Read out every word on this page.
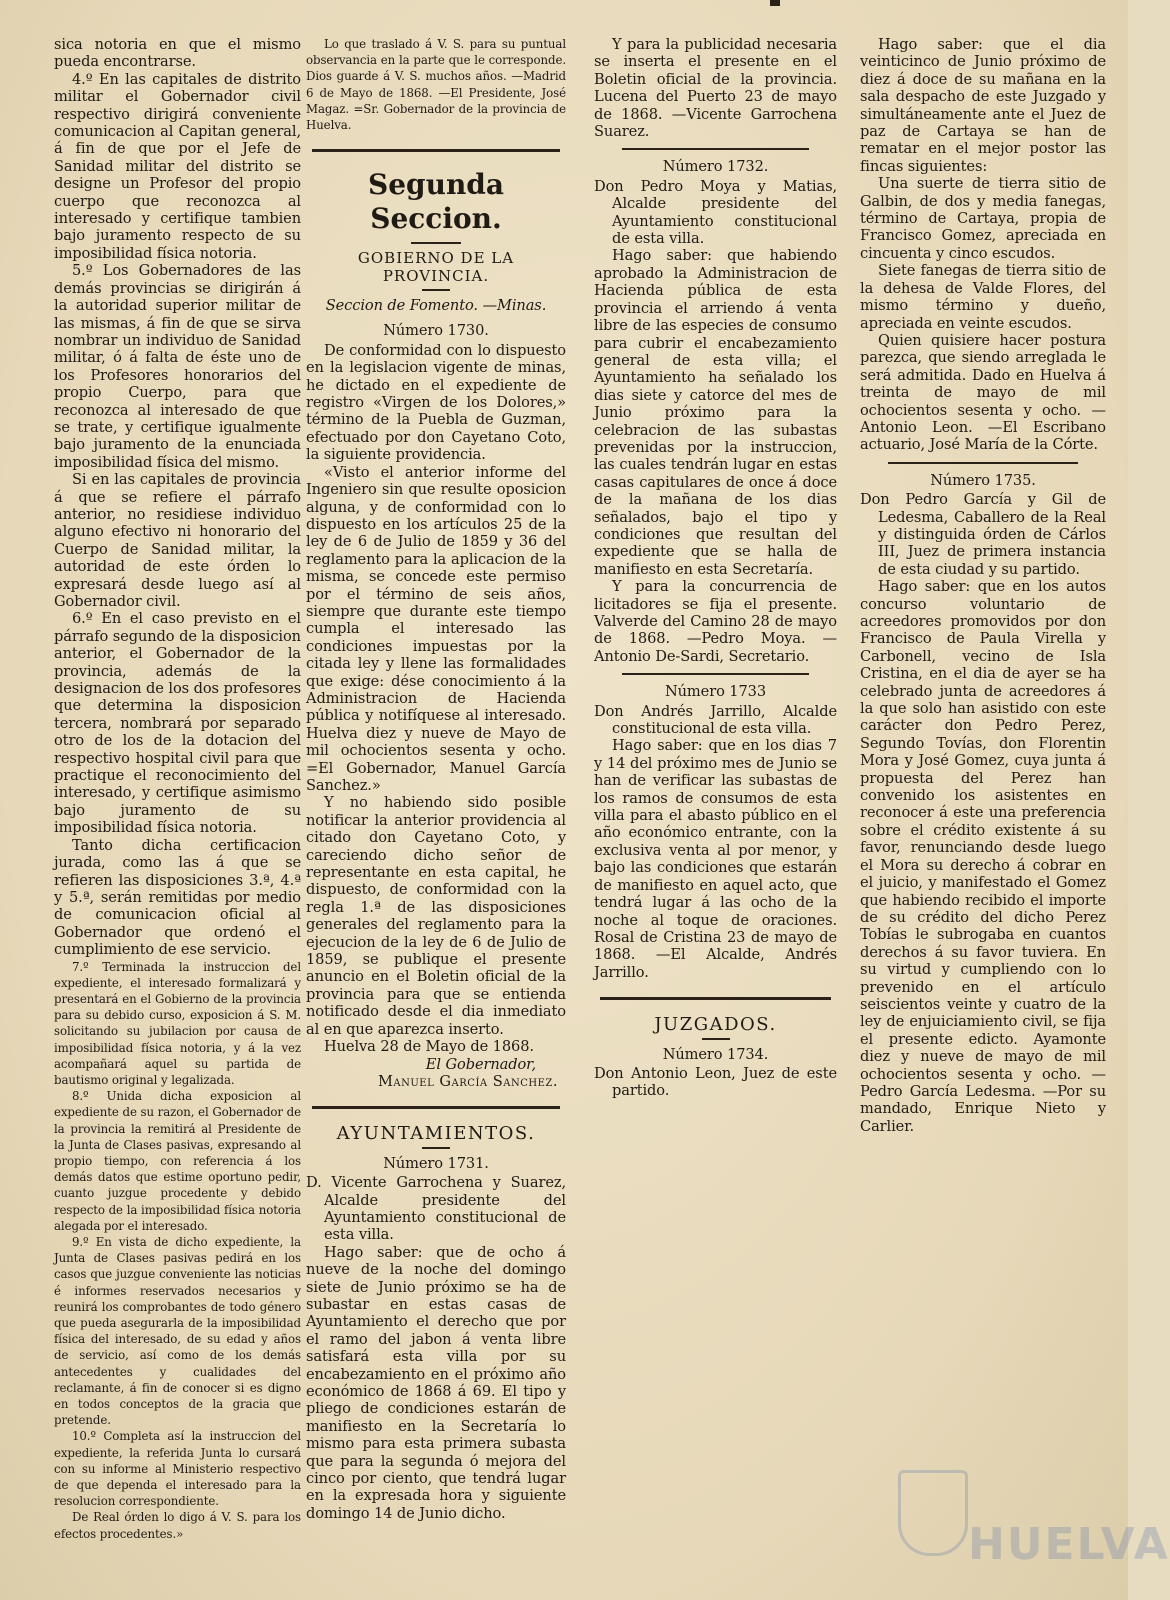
sica notoria en que el mismo pueda encontrarse.

4.º En las capitales de distrito militar el Gobernador civil respectivo dirigirá conveniente comunicacion al Capitan general, á fin de que por el Jefe de Sanidad militar del distrito se designe un Profesor del propio cuerpo que reconozca al interesado y certifique tambien bajo juramento respecto de su imposibilidad física notoria.

5.º Los Gobernadores de las demás provincias se dirigirán á la autoridad superior militar de las mismas, á fin de que se sirva nombrar un individuo de Sanidad militar, ó á falta de éste uno de los Profesores honorarios del propio Cuerpo, para que reconozca al interesado de que se trate, y certifique igualmente bajo juramento de la enunciada imposibilidad física del mismo.

Si en las capitales de provincia á que se refiere el párrafo anterior, no residiese individuo alguno efectivo ni honorario del Cuerpo de Sanidad militar, la autoridad de este órden lo expresará desde luego así al Gobernador civil.

6.º En el caso previsto en el párrafo segundo de la disposicion anterior, el Gobernador de la provincia, además de la designacion de los dos profesores que determina la disposicion tercera, nombrará por separado otro de los de la dotacion del respectivo hospital civil para que practique el reconocimiento del interesado, y certifique asimismo bajo juramento de su imposibilidad física notoria.

Tanto dicha certificacion jurada, como las á que se refieren las disposiciones 3.ª, 4.ª y 5.ª, serán remitidas por medio de comunicacion oficial al Gobernador que ordenó el cumplimiento de ese servicio.

7.º Terminada la instruccion del expediente, el interesado formalizará y presentará en el Gobierno de la provincia para su debido curso, exposicion á S. M. solicitando su jubilacion por causa de imposibilidad física notoria, y á la vez acompañará aquel su partida de bautismo original y legalizada.

8.º Unida dicha exposicion al expediente de su razon, el Gobernador de la provincia la remitirá al Presidente de la Junta de Clases pasivas, expresando al propio tiempo, con referencia á los demás datos que estime oportuno pedir, cuanto juzgue procedente y debido respecto de la imposibilidad física notoria alegada por el interesado.

9.º En vista de dicho expediente, la Junta de Clases pasivas pedirá en los casos que juzgue conveniente las noticias é informes reservados necesarios y reunirá los comprobantes de todo género que pueda asegurarla de la imposibilidad física del interesado, de su edad y años de servicio, así como de los demás antecedentes y cualidades del reclamante, á fin de conocer si es digno en todos conceptos de la gracia que pretende.

10.º Completa así la instruccion del expediente, la referida Junta lo cursará con su informe al Ministerio respectivo de que dependa el interesado para la resolucion correspondiente.

De Real órden lo digo á V. S. para los efectos procedentes.»

Lo que traslado á V. S. para su puntual observancia en la parte que le corresponde. Dios guarde á V. S. muchos años. —Madrid 6 de Mayo de 1868. —El Presidente, José Magaz. =Sr. Gobernador de la provincia de Huelva.

Segunda Seccion.
GOBIERNO DE LA PROVINCIA.
Seccion de Fomento. —Minas.
Número 1730.

De conformidad con lo dispuesto en la legislacion vigente de minas, he dictado en el expediente de registro «Virgen de los Dolores,» término de la Puebla de Guzman, efectuado por don Cayetano Coto, la siguiente providencia.

«Visto el anterior informe del Ingeniero sin que resulte oposicion alguna, y de conformidad con lo dispuesto en los artículos 25 de la ley de 6 de Julio de 1859 y 36 del reglamento para la aplicacion de la misma, se concede este permiso por el término de seis años, siempre que durante este tiempo cumpla el interesado las condiciones impuestas por la citada ley y llene las formalidades que exige: dése conocimiento á la Administracion de Hacienda pública y notifíquese al interesado. Huelva diez y nueve de Mayo de mil ochocientos sesenta y ocho. =El Gobernador, Manuel García Sanchez.»

Y no habiendo sido posible notificar la anterior providencia al citado don Cayetano Coto, y careciendo dicho señor de representante en esta capital, he dispuesto, de conformidad con la regla 1.ª de las disposiciones generales del reglamento para la ejecucion de la ley de 6 de Julio de 1859, se publique el presente anuncio en el Boletin oficial de la provincia para que se entienda notificado desde el dia inmediato al en que aparezca inserto.

Huelva 28 de Mayo de 1868.

El Gobernador,
Manuel García Sanchez.
AYUNTAMIENTOS.
Número 1731.

D. Vicente Garrochena y Suarez, Alcalde presidente del Ayuntamiento constitucional de esta villa.

Hago saber: que de ocho á nueve de la noche del domingo siete de Junio próximo se ha de subastar en estas casas de Ayuntamiento el derecho que por el ramo del jabon á venta libre satisfará esta villa por su encabezamiento en el próximo año económico de 1868 á 69. El tipo y pliego de condiciones estarán de manifiesto en la Secretaría lo mismo para esta primera subasta que para la segunda ó mejora del cinco por ciento, que tendrá lugar en la expresada hora y siguiente domingo 14 de Junio dicho.

Y para la publicidad necesaria se inserta el presente en el Boletin oficial de la provincia. Lucena del Puerto 23 de mayo de 1868. —Vicente Garrochena Suarez.

Número 1732.

Don Pedro Moya y Matias, Alcalde presidente del Ayuntamiento constitucional de esta villa.

Hago saber: que habiendo aprobado la Administracion de Hacienda pública de esta provincia el arriendo á venta libre de las especies de consumo para cubrir el encabezamiento general de esta villa; el Ayuntamiento ha señalado los dias siete y catorce del mes de Junio próximo para la celebracion de las subastas prevenidas por la instruccion, las cuales tendrán lugar en estas casas capitulares de once á doce de la mañana de los dias señalados, bajo el tipo y condiciones que resultan del expediente que se halla de manifiesto en esta Secretaría.

Y para la concurrencia de licitadores se fija el presente. Valverde del Camino 28 de mayo de 1868. —Pedro Moya. —Antonio De-Sardi, Secretario.

Número 1733

Don Andrés Jarrillo, Alcalde constitucional de esta villa.

Hago saber: que en los dias 7 y 14 del próximo mes de Junio se han de verificar las subastas de los ramos de consumos de esta villa para el abasto público en el año económico entrante, con la exclusiva venta al por menor, y bajo las condiciones que estarán de manifiesto en aquel acto, que tendrá lugar á las ocho de la noche al toque de oraciones. Rosal de Cristina 23 de mayo de 1868. —El Alcalde, Andrés Jarrillo.

JUZGADOS.
Número 1734.

Don Antonio Leon, Juez de este partido.

Hago saber: que el dia veinticinco de Junio próximo de diez á doce de su mañana en la sala despacho de este Juzgado y simultáneamente ante el Juez de paz de Cartaya se han de rematar en el mejor postor las fincas siguientes:

Una suerte de tierra sitio de Galbin, de dos y media fanegas, término de Cartaya, propia de Francisco Gomez, apreciada en cincuenta y cinco escudos.

Siete fanegas de tierra sitio de la dehesa de Valde Flores, del mismo término y dueño, apreciada en veinte escudos.

Quien quisiere hacer postura parezca, que siendo arreglada le será admitida. Dado en Huelva á treinta de mayo de mil ochocientos sesenta y ocho. —Antonio Leon. —El Escribano actuario, José María de la Córte.

Número 1735.

Don Pedro García y Gil de Ledesma, Caballero de la Real y distinguida órden de Cárlos III, Juez de primera instancia de esta ciudad y su partido.

Hago saber: que en los autos concurso voluntario de acreedores promovidos por don Francisco de Paula Virella y Carbonell, vecino de Isla Cristina, en el dia de ayer se ha celebrado junta de acreedores á la que solo han asistido con este carácter don Pedro Perez, Segundo Tovías, don Florentin Mora y José Gomez, cuya junta á propuesta del Perez han convenido los asistentes en reconocer á este una preferencia sobre el crédito existente á su favor, renunciando desde luego el Mora su derecho á cobrar en el juicio, y manifestado el Gomez que habiendo recibido el importe de su crédito del dicho Perez Tobías le subrogaba en cuantos derechos á su favor tuviera. En su virtud y cumpliendo con lo prevenido en el artículo seiscientos veinte y cuatro de la ley de enjuiciamiento civil, se fija el presente edicto. Ayamonte diez y nueve de mayo de mil ochocientos sesenta y ocho. —Pedro García Ledesma. —Por su mandado, Enrique Nieto y Carlier.

HUELVA
